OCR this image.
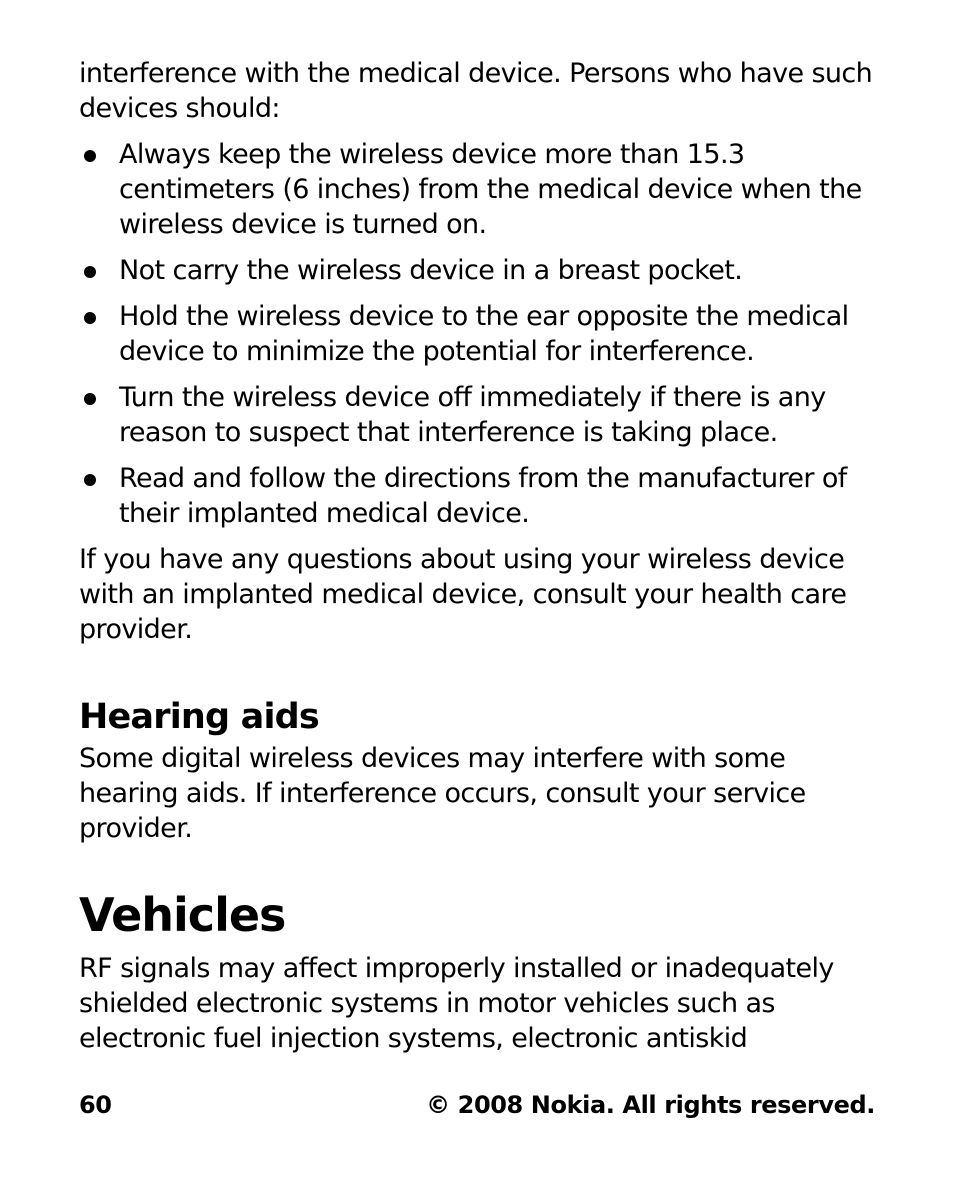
interference with the medical device. Persons who have such devices should:

Always keep the wireless device more than 15.3 centimeters (6 inches) from the medical device when the wireless device is turned on.
Not carry the wireless device in a breast pocket.
Hold the wireless device to the ear opposite the medical device to minimize the potential for interference.
Turn the wireless device off immediately if there is any reason to suspect that interference is taking place.
Read and follow the directions from the manufacturer of their implanted medical device.

If you have any questions about using your wireless device with an implanted medical device, consult your health care provider.

Hearing aids

Some digital wireless devices may interfere with some hearing aids. If interference occurs, consult your service provider.

Vehicles

RF signals may affect improperly installed or inadequately shielded electronic systems in motor vehicles such as electronic fuel injection systems, electronic antiskid

60	© 2008 Nokia. All rights reserved.
